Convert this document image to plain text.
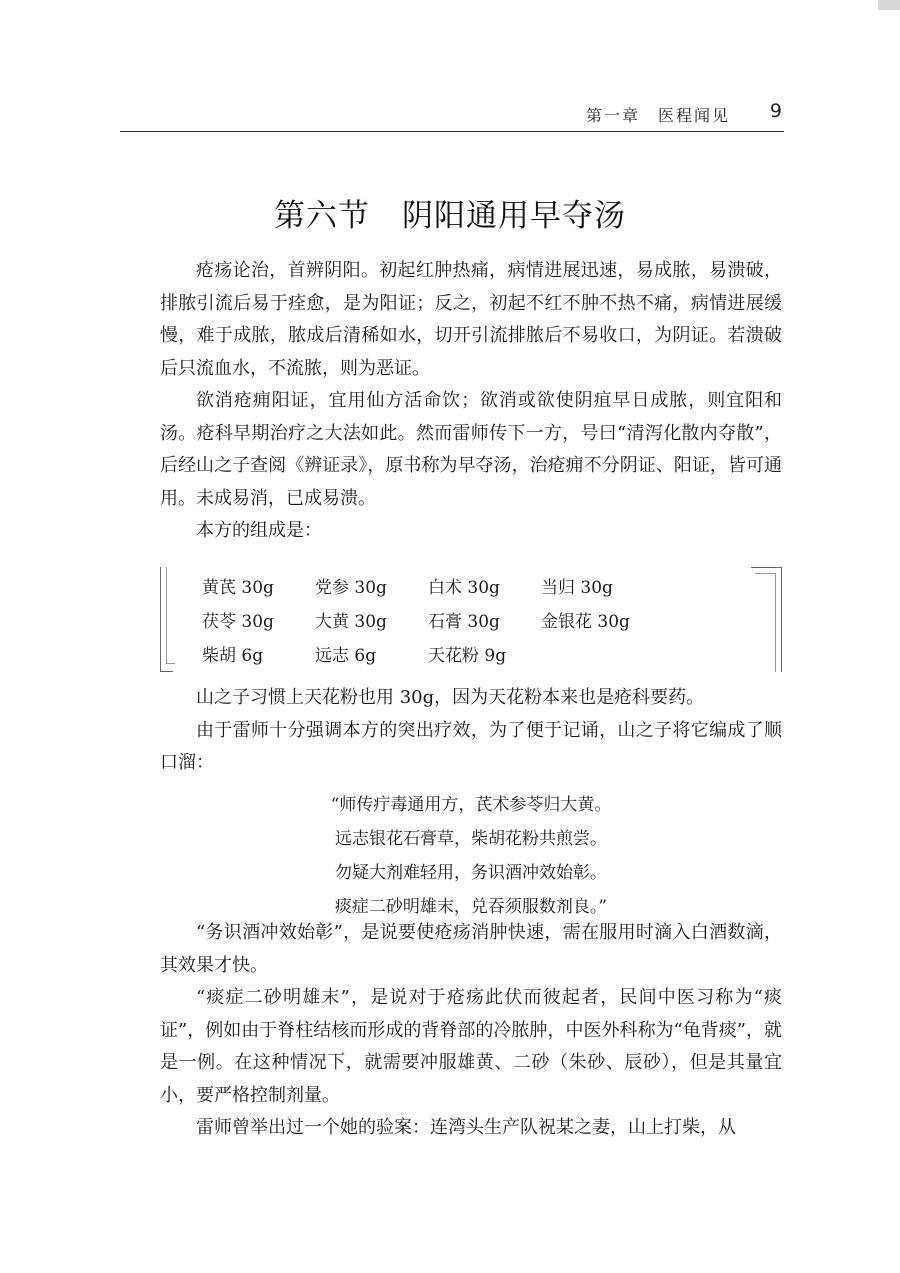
第一章　医程闻见 9
第六节　阴阳通用早夺汤

疮疡论治，首辨阴阳。初起红肿热痛，病情进展迅速，易成脓，易溃破，排脓引流后易于痊愈，是为阳证；反之，初起不红不肿不热不痛，病情进展缓慢，难于成脓，脓成后清稀如水，切开引流排脓后不易收口，为阴证。若溃破后只流血水，不流脓，则为恶证。

欲消疮痈阳证，宜用仙方活命饮；欲消或欲使阴疽早日成脓，则宜阳和汤。疮科早期治疗之大法如此。然而雷师传下一方，号曰“清泻化散内夺散”，后经山之子查阅《辨证录》，原书称为早夺汤，治疮痈不分阴证、阳证，皆可通用。未成易消，已成易溃。

本方的组成是：

黄芪 30g	党参 30g	白术 30g	当归 30g
茯苓 30g	大黄 30g	石膏 30g	金银花 30g
柴胡 6g	远志 6g	天花粉 9g

山之子习惯上天花粉也用 30g，因为天花粉本来也是疮科要药。

由于雷师十分强调本方的突出疗效，为了便于记诵，山之子将它编成了顺口溜：

“师传疔毒通用方，芪术参苓归大黄。
远志银花石膏草，柴胡花粉共煎尝。
勿疑大剂难轻用，务识酒冲效始彰。
痰症二砂明雄末，兑吞须服数剂良。”

“务识酒冲效始彰”，是说要使疮疡消肿快速，需在服用时滴入白酒数滴，其效果才快。

“痰症二砂明雄末”，是说对于疮疡此伏而彼起者，民间中医习称为“痰证”，例如由于脊柱结核而形成的背脊部的冷脓肿，中医外科称为“龟背痰”，就是一例。在这种情况下，就需要冲服雄黄、二砂（朱砂、辰砂），但是其量宜小，要严格控制剂量。

雷师曾举出过一个她的验案：连湾头生产队祝某之妻，山上打柴，从
